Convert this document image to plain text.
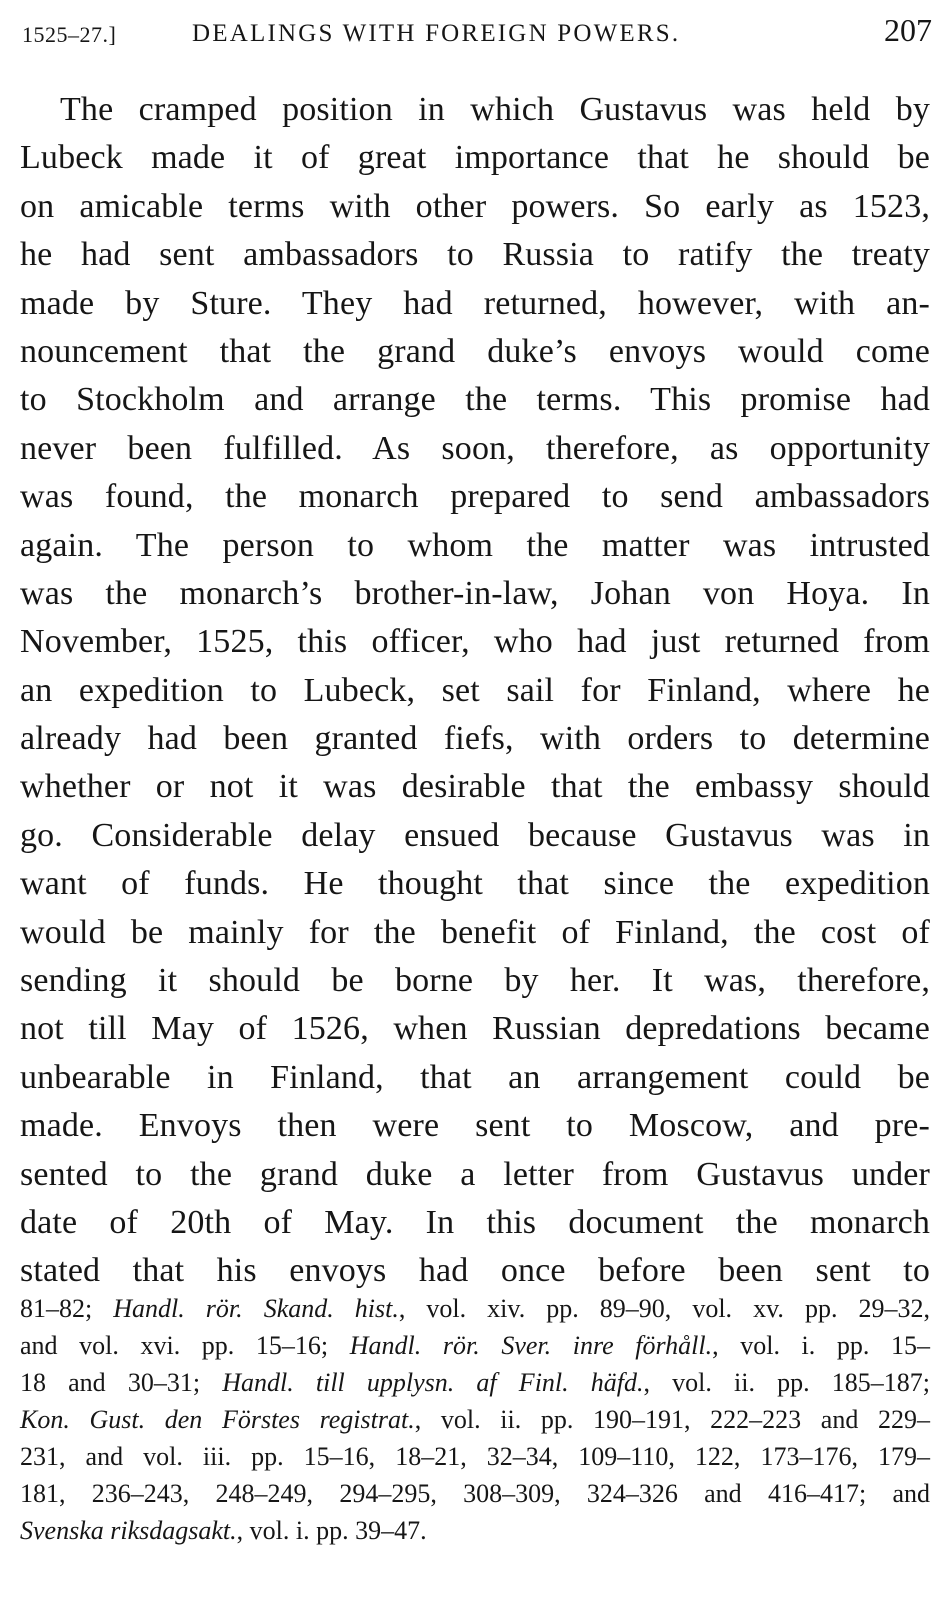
1525–27.]	DEALINGS WITH FOREIGN POWERS.	207
The cramped position in which Gustavus was held by
Lubeck made it of great importance that he should be
on amicable terms with other powers. So early as 1523,
he had sent ambassadors to Russia to ratify the treaty
made by Sture. They had returned, however, with an-
nouncement that the grand duke’s envoys would come
to Stockholm and arrange the terms. This promise had
never been fulfilled. As soon, therefore, as opportunity
was found, the monarch prepared to send ambassadors
again. The person to whom the matter was intrusted
was the monarch’s brother-in-law, Johan von Hoya. In
November, 1525, this officer, who had just returned from
an expedition to Lubeck, set sail for Finland, where he
already had been granted fiefs, with orders to determine
whether or not it was desirable that the embassy should
go. Considerable delay ensued because Gustavus was in
want of funds. He thought that since the expedition
would be mainly for the benefit of Finland, the cost of
sending it should be borne by her. It was, therefore,
not till May of 1526, when Russian depredations became
unbearable in Finland, that an arrangement could be
made. Envoys then were sent to Moscow, and pre-
sented to the grand duke a letter from Gustavus under
date of 20th of May. In this document the monarch
stated that his envoys had once before been sent to
81–82; Handl. rör. Skand. hist., vol. xiv. pp. 89–90, vol. xv. pp. 29–32,
and vol. xvi. pp. 15–16; Handl. rör. Sver. inre förhåll., vol. i. pp. 15–
18 and 30–31; Handl. till upplysn. af Finl. häfd., vol. ii. pp. 185–187;
Kon. Gust. den Förstes registrat., vol. ii. pp. 190–191, 222–223 and 229–
231, and vol. iii. pp. 15–16, 18–21, 32–34, 109–110, 122, 173–176, 179–
181, 236–243, 248–249, 294–295, 308–309, 324–326 and 416–417; and
Svenska riksdagsakt., vol. i. pp. 39–47.
